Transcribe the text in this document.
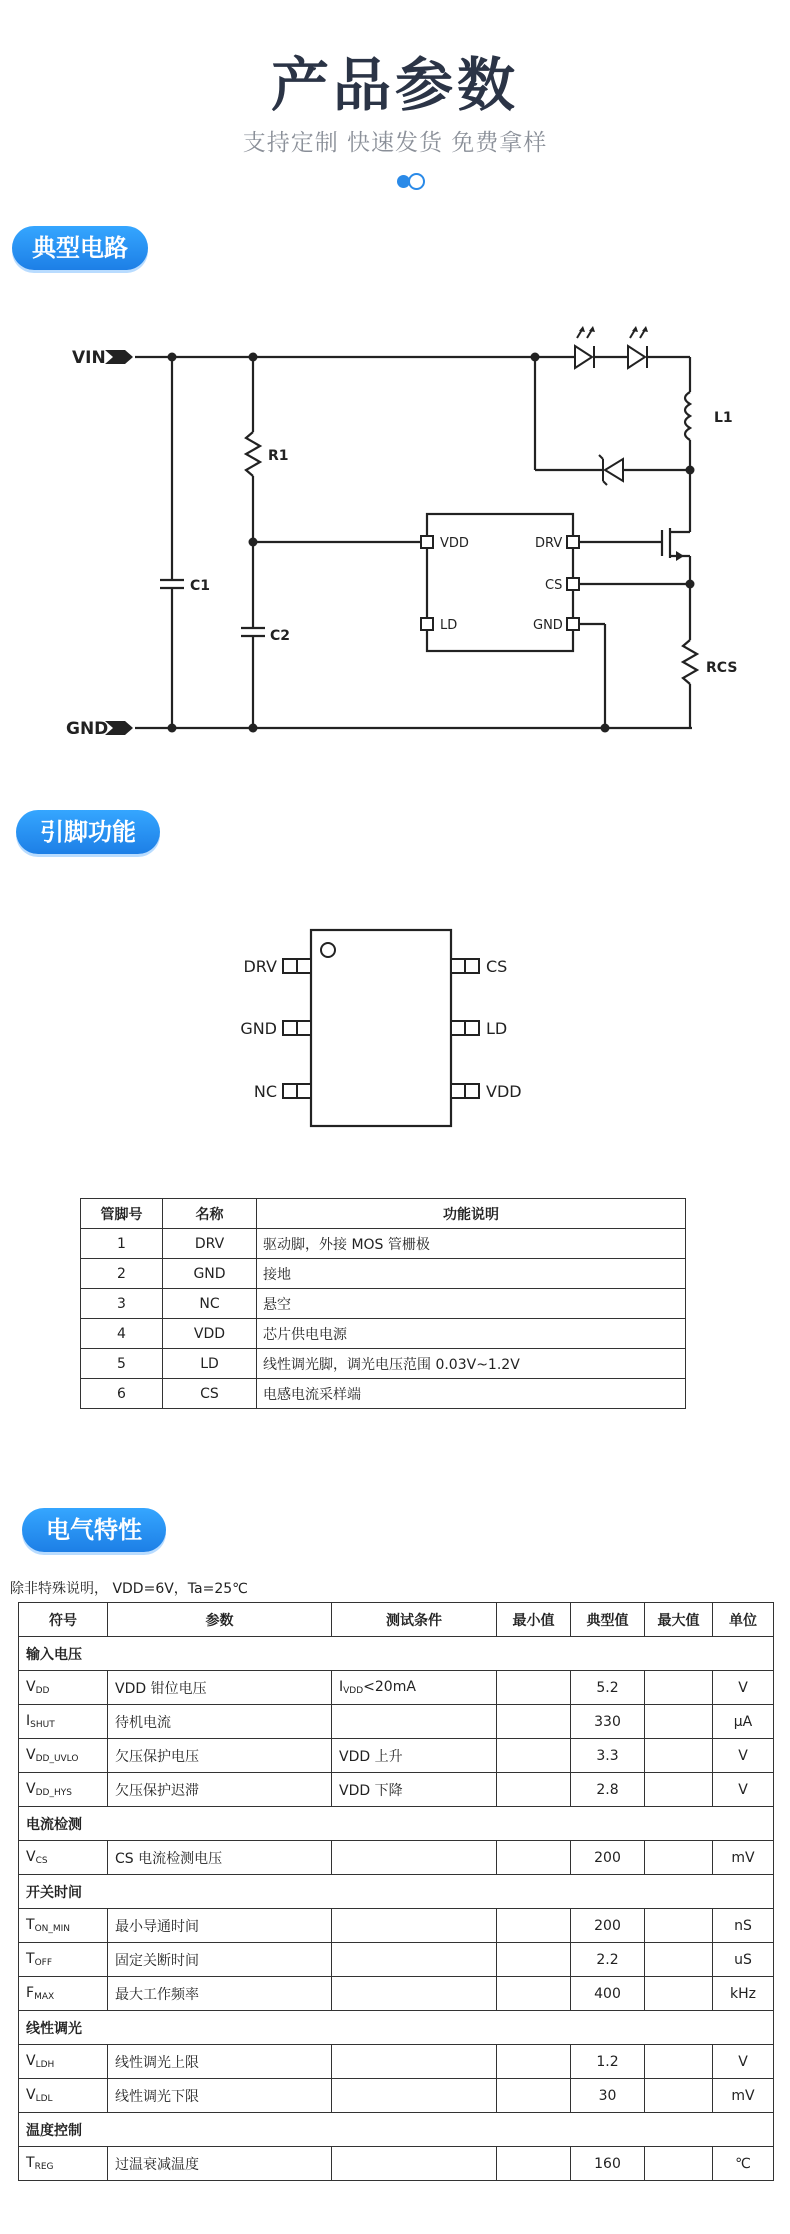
产品参数
支持定制 快速发货 免费拿样
典型电路
VIN
GND
C1
C2
R1
L1
RCS
VDD
LD
DRV
CS
GND
引脚功能
DRV
GND
NC
CS
LD
VDD
管脚号	名称	功能说明
1	DRV	驱动脚，外接 MOS 管栅极
2	GND	接地
3	NC	悬空
4	VDD	芯片供电电源
5	LD	线性调光脚，调光电压范围 0.03V~1.2V
6	CS	电感电流采样端
电气特性
除非特殊说明， VDD=6V，Ta=25℃
符号	参数	测试条件	最小值	典型值	最大值	单位
输入电压						
$V_{DD}$	VDD 钳位电压	$I_{VDD}<20mA$		5.2		V
$I_{SHUT}$	待机电流			330		µA
$V_{DD\_UVLO}$	欠压保护电压	VDD 上升		3.3		V
$V_{DD\_HYS}$	欠压保护迟滞	VDD 下降		2.8		V
电流检测						
$V_{CS}$	CS 电流检测电压			200		mV
开关时间						
$T_{ON\_MIN}$	最小导通时间			200		nS
$T_{OFF}$	固定关断时间			2.2		uS
$F_{MAX}$	最大工作频率			400		kHz
线性调光						
$V_{LDH}$	线性调光上限			1.2		V
$V_{LDL}$	线性调光下限			30		mV
温度控制						
$T_{REG}$	过温衰减温度			160		℃
